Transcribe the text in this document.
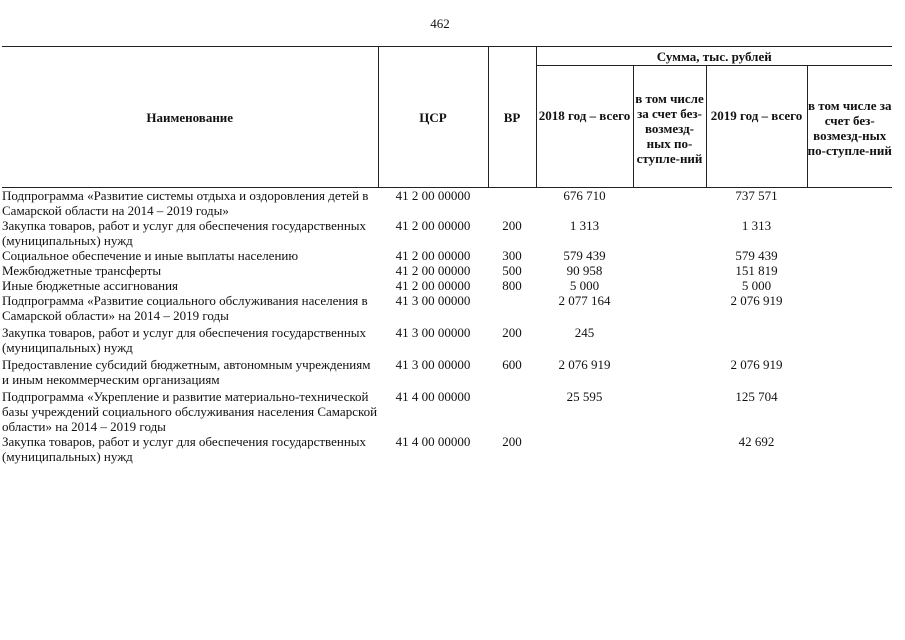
462
Наименование	ЦСР	ВР	Сумма, тыс. рублей			
			2018 год – всего	в том числе за счет без-возмезд-ных по-ступле-ний	2019 год – всего	в том числе за счет без-возмезд-ных по-ступле-ний
Подпрограмма «Развитие системы отдыха и оздоровления детей в Самарской области на 2014 – 2019 годы»	41 2 00 00000		676 710		737 571	
Закупка товаров, работ и услуг для обеспечения государственных (муниципальных) нужд	41 2 00 00000	200	1 313		1 313	
Социальное обеспечение и иные выплаты населению	41 2 00 00000	300	579 439		579 439	
Межбюджетные трансферты	41 2 00 00000	500	90 958		151 819	
Иные бюджетные ассигнования	41 2 00 00000	800	5 000		5 000	
Подпрограмма «Развитие социального обслуживания населения в Самарской области» на 2014 – 2019 годы	41 3 00 00000		2 077 164		2 076 919	
Закупка товаров, работ и услуг для обеспечения государственных (муниципальных) нужд	41 3 00 00000	200	245			
Предоставление субсидий бюджетным, автономным учреждениям и иным некоммерческим организациям	41 3 00 00000	600	2 076 919		2 076 919	
Подпрограмма «Укрепление и развитие материально-технической базы учреждений социального обслуживания населения Самарской области» на 2014 – 2019 годы	41 4 00 00000		25 595		125 704	
Закупка товаров, работ и услуг для обеспечения государственных (муниципальных) нужд	41 4 00 00000	200			42 692	
